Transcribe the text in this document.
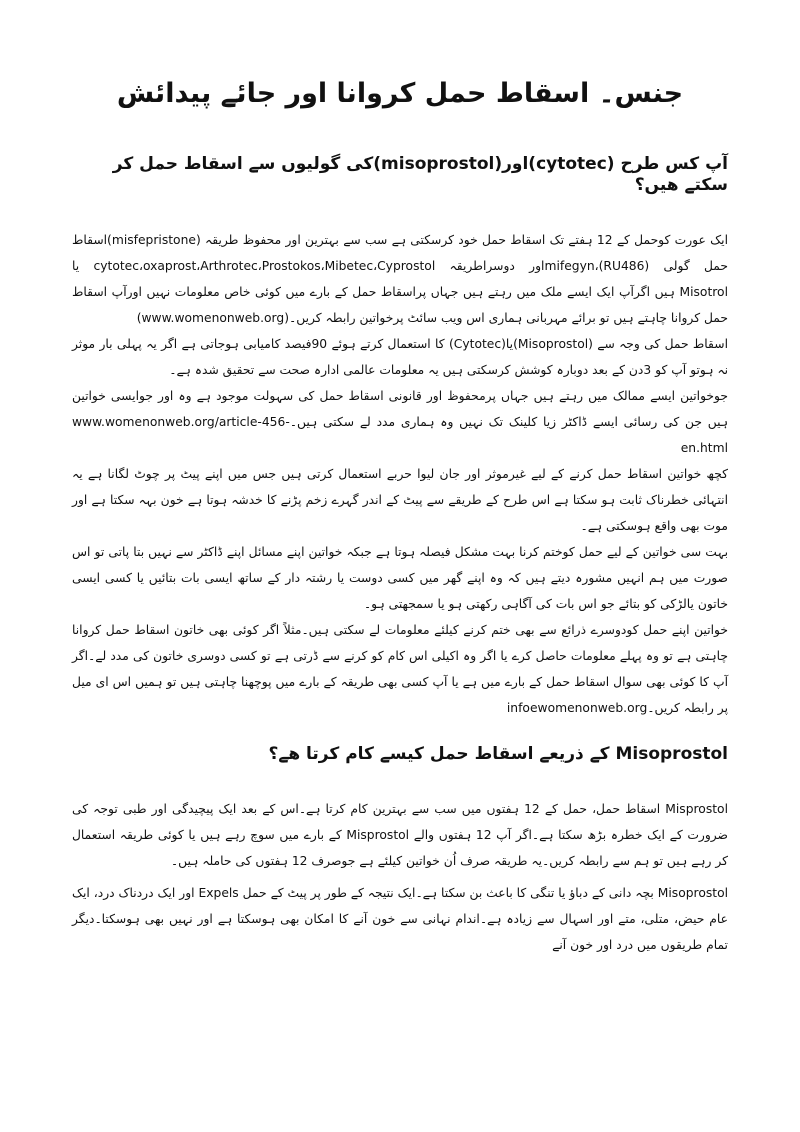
جنس۔ اسقاط حمل کروانا اور جائے پیدائش
آپ کس طرح (cytotec)اور(misoprostol)کی گولیوں سے اسقاط حمل کر سکتے ھیں؟

ایک عورت کوحمل کے 12 ہفتے تک اسقاط حمل خود کرسکتی ہے سب سے بہترین اور محفوظ طریقہ (misfepristone)اسقاط حمل گولی mifegyn،(RU486)اور دوسراطریقہ cytotec،oxaprost،Arthrotec،Prostokos،Mibetec،Cyprostol یا Misotrol ہیں اگرآپ ایک ایسے ملک میں رہتے ہیں جہاں پراسقاط حمل کے بارے میں کوئی خاص معلومات نہیں اورآپ اسقاط حمل کروانا چاہتے ہیں تو برائے مہربانی ہماری اس ویب سائٹ پرخواتین رابطہ کریں۔(www.womenonweb.org)

اسقاط حمل کی وجہ سے (Misoprostol)یا(Cytotec) کا استعمال کرتے ہوئے 90فیصد کامیابی ہوجاتی ہے اگر یہ پہلی بار موثر نہ ہوتو آپ کو 3دن کے بعد دوبارہ کوشش کرسکتی ہیں یہ معلومات عالمی ادارہ صحت سے تحقیق شدہ ہے۔

جوخواتین ایسے ممالک میں رہتے ہیں جہاں پرمحفوظ اور قانونی اسقاط حمل کی سہولت موجود ہے وہ اور جوایسی خواتین ہیں جن کی رسائی ایسے ڈاکٹر زیا کلینک تک نہیں وہ ہماری مدد لے سکتی ہیں۔www.womenonweb.org/article-456-en.html

کچھ خواتین اسقاط حمل کرنے کے لیے غیرموثر اور جان لیوا حربے استعمال کرتی ہیں جس میں اپنے پیٹ پر چوٹ لگانا ہے یہ انتہائی خطرناک ثابت ہو سکتا ہے اس طرح کے طریقے سے پیٹ کے اندر گہرے زخم پڑنے کا خدشہ ہوتا ہے خون بہہ سکتا ہے اور موت بھی واقع ہوسکتی ہے۔

بہت سی خواتین کے لیے حمل کوختم کرنا بہت مشکل فیصلہ ہوتا ہے جبکہ خواتین اپنے مسائل اپنے ڈاکٹر سے نہیں بتا پاتی تو اس صورت میں ہم انہیں مشورہ دیتے ہیں کہ وہ اپنے گھر میں کسی دوست یا رشتہ دار کے ساتھ ایسی بات بتائیں یا کسی ایسی خاتون یالڑکی کو بتائے جو اس بات کی آگاہی رکھتی ہو یا سمجھتی ہو۔

خواتین اپنے حمل کودوسرے ذرائع سے بھی ختم کرنے کیلئے معلومات لے سکتی ہیں۔مثلاً اگر کوئی بھی خاتون اسقاط حمل کروانا چاہتی ہے تو وہ پہلے معلومات حاصل کرے یا اگر وہ اکیلی اس کام کو کرنے سے ڈرتی ہے تو کسی دوسری خاتون کی مدد لے۔اگر آپ کا کوئی بھی سوال اسقاط حمل کے بارے میں ہے یا آپ کسی بھی طریقہ کے بارے میں پوچھنا چاہتی ہیں تو ہمیں اس ای میل پر رابطہ کریں۔infoewomenonweb.org

Misoprostol کے ذریعے اسقاط حمل کیسے کام کرتا ھے؟

Misprostol اسقاط حمل، حمل کے 12 ہفتوں میں سب سے بہترین کام کرتا ہے۔اس کے بعد ایک پیچیدگی اور طبی توجہ کی ضرورت کے ایک خطرہ بڑھ سکتا ہے۔اگر آپ 12 ہفتوں والے Misprostol کے بارے میں سوچ رہے ہیں یا کوئی طریقہ استعمال کر رہے ہیں تو ہم سے رابطہ کریں۔یہ طریقہ صرف اُن خواتین کیلئے ہے جوصرف 12 ہفتوں کی حاملہ ہیں۔

Misoprostol بچہ دانی کے دباؤ یا تنگی کا باعث بن سکتا ہے۔ایک نتیجہ کے طور پر پیٹ کے حمل Expels اور ایک دردناک درد، ایک عام حیض، متلی، متے اور اسہال سے زیادہ ہے۔اندام نہانی سے خون آنے کا امکان بھی ہوسکتا ہے اور نہیں بھی ہوسکتا۔دیگر تمام طریقوں میں درد اور خون آنے
